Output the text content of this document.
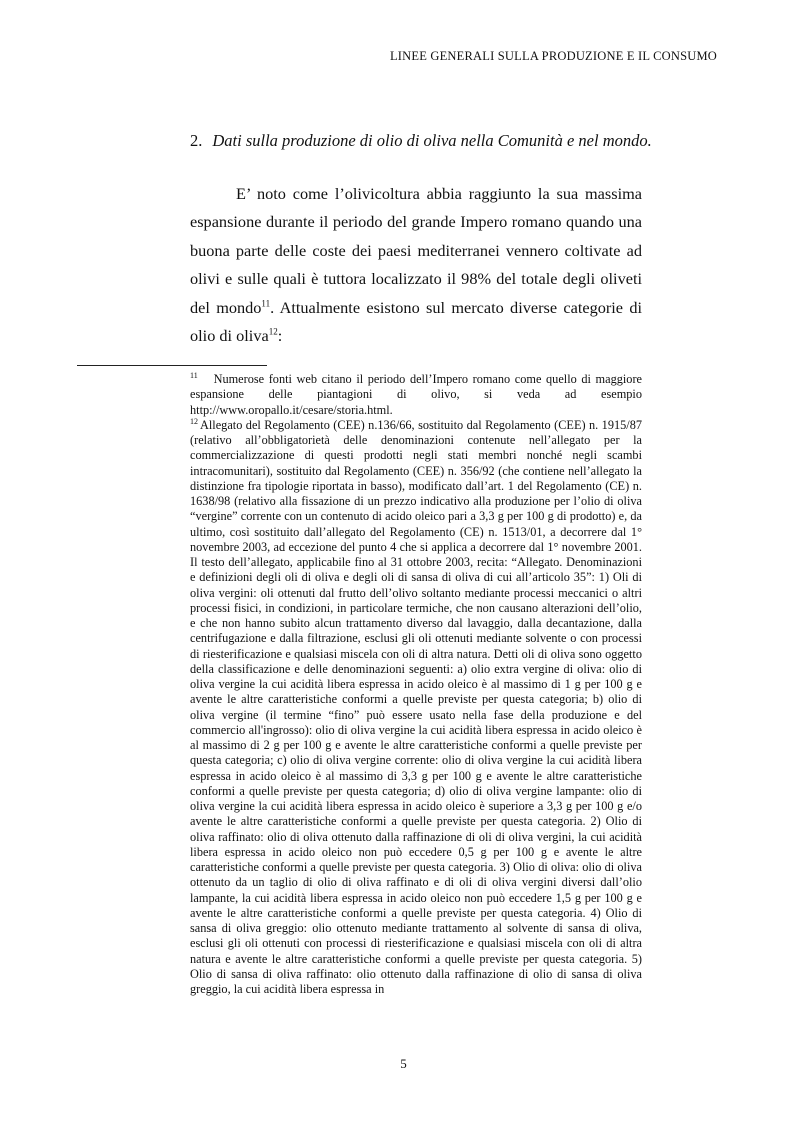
LINEE GENERALI SULLA PRODUZIONE E IL CONSUMO
2. Dati sulla produzione di olio di oliva nella Comunità e nel mondo.

E’ noto come l’olivicoltura abbia raggiunto la sua massima espansione durante il periodo del grande Impero romano quando una buona parte delle coste dei paesi mediterranei vennero coltivate ad olivi e sulle quali è tuttora localizzato il 98% del totale degli oliveti del mondo$^{11}$. Attualmente esistono sul mercato diverse categorie di olio di oliva$^{12}$:

$^{11}$ Numerose fonti web citano il periodo dell’Impero romano come quello di maggiore espansione delle piantagioni di olivo, si veda ad esempio http://www.oropallo.it/cesare/storia.html.

$^{12}$ Allegato del Regolamento (CEE) n.136/66, sostituito dal Regolamento (CEE) n. 1915/87 (relativo all’obbligatorietà delle denominazioni contenute nell’allegato per la commercializzazione di questi prodotti negli stati membri nonché negli scambi intracomunitari), sostituito dal Regolamento (CEE) n. 356/92 (che contiene nell’allegato la distinzione fra tipologie riportata in basso), modificato dall’art. 1 del Regolamento (CE) n. 1638/98 (relativo alla fissazione di un prezzo indicativo alla produzione per l’olio di oliva “vergine” corrente con un contenuto di acido oleico pari a 3,3 g per 100 g di prodotto) e, da ultimo, così sostituito dall’allegato del Regolamento (CE) n. 1513/01, a decorrere dal 1° novembre 2003, ad eccezione del punto 4 che si applica a decorrere dal 1° novembre 2001. Il testo dell’allegato, applicabile fino al 31 ottobre 2003, recita: “Allegato. Denominazioni e definizioni degli oli di oliva e degli oli di sansa di oliva di cui all’articolo 35”: 1) Oli di oliva vergini: oli ottenuti dal frutto dell’olivo soltanto mediante processi meccanici o altri processi fisici, in condizioni, in particolare termiche, che non causano alterazioni dell’olio, e che non hanno subito alcun trattamento diverso dal lavaggio, dalla decantazione, dalla centrifugazione e dalla filtrazione, esclusi gli oli ottenuti mediante solvente o con processi di riesterificazione e qualsiasi miscela con oli di altra natura. Detti oli di oliva sono oggetto della classificazione e delle denominazioni seguenti: a) olio extra vergine di oliva: olio di oliva vergine la cui acidità libera espressa in acido oleico è al massimo di 1 g per 100 g e avente le altre caratteristiche conformi a quelle previste per questa categoria; b) olio di oliva vergine (il termine “fino” può essere usato nella fase della produzione e del commercio all'ingrosso): olio di oliva vergine la cui acidità libera espressa in acido oleico è al massimo di 2 g per 100 g e avente le altre caratteristiche conformi a quelle previste per questa categoria; c) olio di oliva vergine corrente: olio di oliva vergine la cui acidità libera espressa in acido oleico è al massimo di 3,3 g per 100 g e avente le altre caratteristiche conformi a quelle previste per questa categoria; d) olio di oliva vergine lampante: olio di oliva vergine la cui acidità libera espressa in acido oleico è superiore a 3,3 g per 100 g e/o avente le altre caratteristiche conformi a quelle previste per questa categoria. 2) Olio di oliva raffinato: olio di oliva ottenuto dalla raffinazione di oli di oliva vergini, la cui acidità libera espressa in acido oleico non può eccedere 0,5 g per 100 g e avente le altre caratteristiche conformi a quelle previste per questa categoria. 3) Olio di oliva: olio di oliva ottenuto da un taglio di olio di oliva raffinato e di oli di oliva vergini diversi dall’olio lampante, la cui acidità libera espressa in acido oleico non può eccedere 1,5 g per 100 g e avente le altre caratteristiche conformi a quelle previste per questa categoria. 4) Olio di sansa di oliva greggio: olio ottenuto mediante trattamento al solvente di sansa di oliva, esclusi gli oli ottenuti con processi di riesterificazione e qualsiasi miscela con oli di altra natura e avente le altre caratteristiche conformi a quelle previste per questa categoria. 5) Olio di sansa di oliva raffinato: olio ottenuto dalla raffinazione di olio di sansa di oliva greggio, la cui acidità libera espressa in

5
